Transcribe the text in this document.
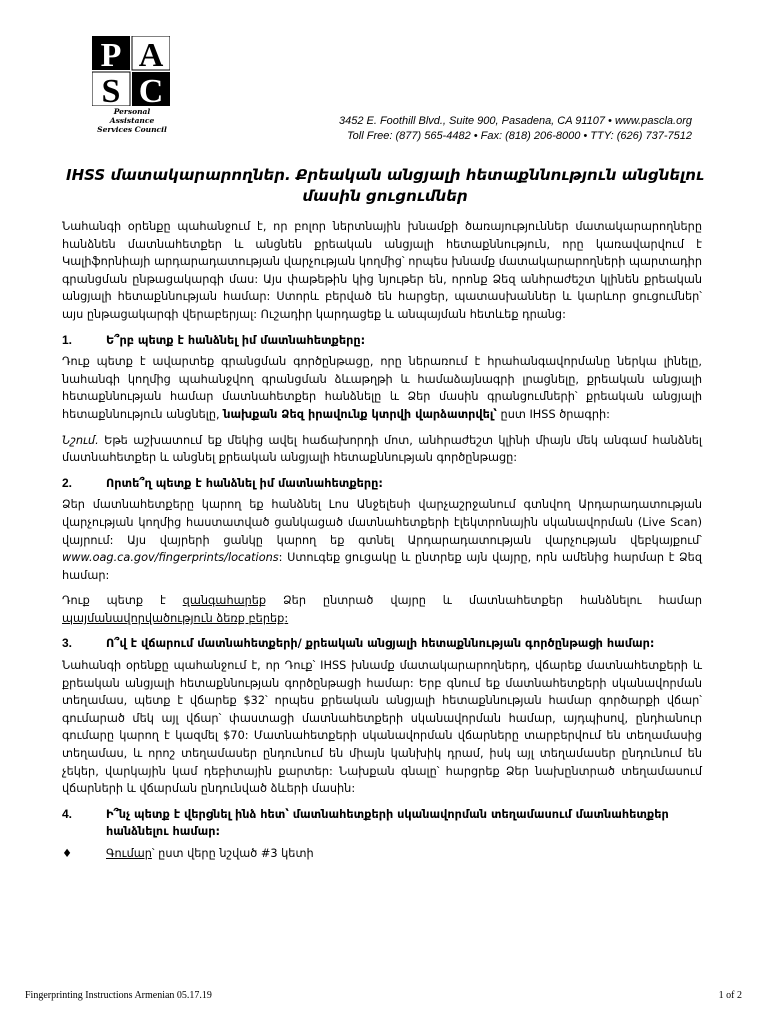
P A
S C
Personal Assistance Services Council
3452 E. Foothill Blvd., Suite 900, Pasadena, CA 91107 • www.pascla.org
Toll Free: (877) 565-4482 • Fax: (818) 206-8000 • TTY: (626) 737-7512
IHSS մատակարարողներ. Քրեական անցյալի հետաքննություն անցնելու մասին ցուցումներ

Նահանգի օրենքը պահանջում է, որ բոլոր ներտնային խնամքի ծառայություններ մատակարարողները հանձնեն մատնահետքեր և անցնեն քրեական անցյալի հետաքննություն, որը կառավարվում է Կալիֆորնիայի արդարադատության վարչության կողմից՝ որպես խնամք մատակարարողների պարտադիր գրանցման ընթացակարգի մաս: Այս փաթեթին կից նյութեր են, որոնք Ձեզ անհրաժեշտ կլինեն քրեական անցյալի հետաքննության համար: Ստորև բերված են հարցեր, պատասխաններ և կարևոր ցուցումներ՝ այս ընթացակարգի վերաբերյալ: Ուշադիր կարդացեք և անպայման հետևեք դրանց:

1.	Ե՞րբ պետք է հանձնել իմ մատնահետքերը:

Դուք պետք է ավարտեք գրանցման գործընթացը, որը ներառում է հրահանգավորմանը ներկա լինելը, նահանգի կողմից պահանջվող գրանցման ձևաթղթի և համաձայնագրի լրացնելը, քրեական անցյալի հետաքննության համար մատնահետքեր հանձնելը և Ձեր մասին գրանցումների՝ քրեական անցյալի հետաքննություն անցնելը, նախքան Ձեզ իրավունք կտրվի վարձատրվել՝ ըստ IHSS ծրագրի:

Նշում. Եթե աշխատում եք մեկից ավել հաճախորդի մոտ, անհրաժեշտ կլինի միայն մեկ անգամ հանձնել մատնահետքեր և անցնել քրեական անցյալի հետաքննության գործընթացը:

2.	Որտե՞ղ պետք է հանձնել իմ մատնահետքերը:

Ձեր մատնահետքերը կարող եք հանձնել Լոս Անջելեսի վարչաշրջանում գտնվող Արդարադատության վարչության կողմից հաստատված ցանկացած մատնահետքերի էլեկտրոնային սկանավորման (Live Scan) վայրում: Այս վայրերի ցանկը կարող եք գտնել Արդարադատության վարչության վեբկայքում՝ www.oag.ca.gov/fingerprints/locations: Ստուգեք ցուցակը և ընտրեք այն վայրը, որն ամենից հարմար է Ձեզ համար:

Դուք պետք է զանգահարեք Ձեր ընտրած վայրը և մատնահետքեր հանձնելու համար պայմանավորվածություն ձեռք բերեք:

3.	Ո՞վ է վճարում մատնահետքերի/ քրեական անցյալի հետաքննության գործընթացի համար:

Նահանգի օրենքը պահանջում է, որ Դուք՝ IHSS խնամք մատակարարողներդ, վճարեք մատնահետքերի և քրեական անցյալի հետաքննության գործընթացի համար: Երբ գնում եք մատնահետքերի սկանավորման տեղամաս, պետք է վճարեք $32՝ որպես քրեական անցյալի հետաքննության համար գործարքի վճար՝ գումարած մեկ այլ վճար՝ փաստացի մատնահետքերի սկանավորման համար, այդպիսով, ընդհանուր գումարը կարող է կազմել $70: Մատնահետքերի սկանավորման վճարները տարբերվում են տեղամասից տեղամաս, և որոշ տեղամասեր ընդունում են միայն կանխիկ դրամ, իսկ այլ տեղամասեր ընդունում են չեկեր, վարկային կամ դեբիտային քարտեր: Նախքան գնալը՝ հարցրեք Ձեր նախընտրած տեղամասում վճարների և վճարման ընդունված ձևերի մասին:

4.	Ի՞նչ պետք է վերցնել ինձ հետ՝ մատնահետքերի սկանավորման տեղամասում մատնահետքեր հանձնելու համար:
♦	Գումար՝ ըստ վերը նշված #3 կետի
Fingerprinting Instructions Armenian 05.17.19	1 of 2
